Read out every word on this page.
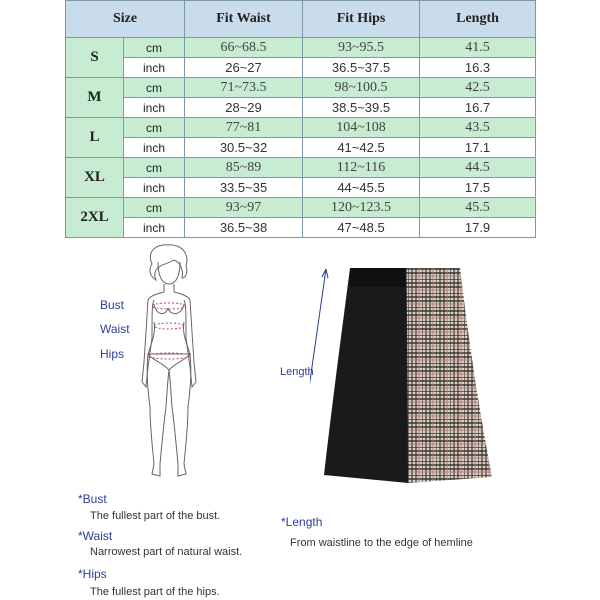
Size		Fit Waist	Fit Hips	Length
S	cm	66~68.5	93~95.5	41.5
	inch	26~27	36.5~37.5	16.3
M	cm	71~73.5	98~100.5	42.5
	inch	28~29	38.5~39.5	16.7
L	cm	77~81	104~108	43.5
	inch	30.5~32	41~42.5	17.1
XL	cm	85~89	112~116	44.5
	inch	33.5~35	44~45.5	17.5
2XL	cm	93~97	120~123.5	45.5
	inch	36.5~38	47~48.5	17.9
Bust
Waist
Hips
Length
*Bust
The fullest part of the bust.
*Waist
Narrowest part of natural waist.
*Hips
The fullest part of the hips.
*Length
From waistline to the edge of hemline
